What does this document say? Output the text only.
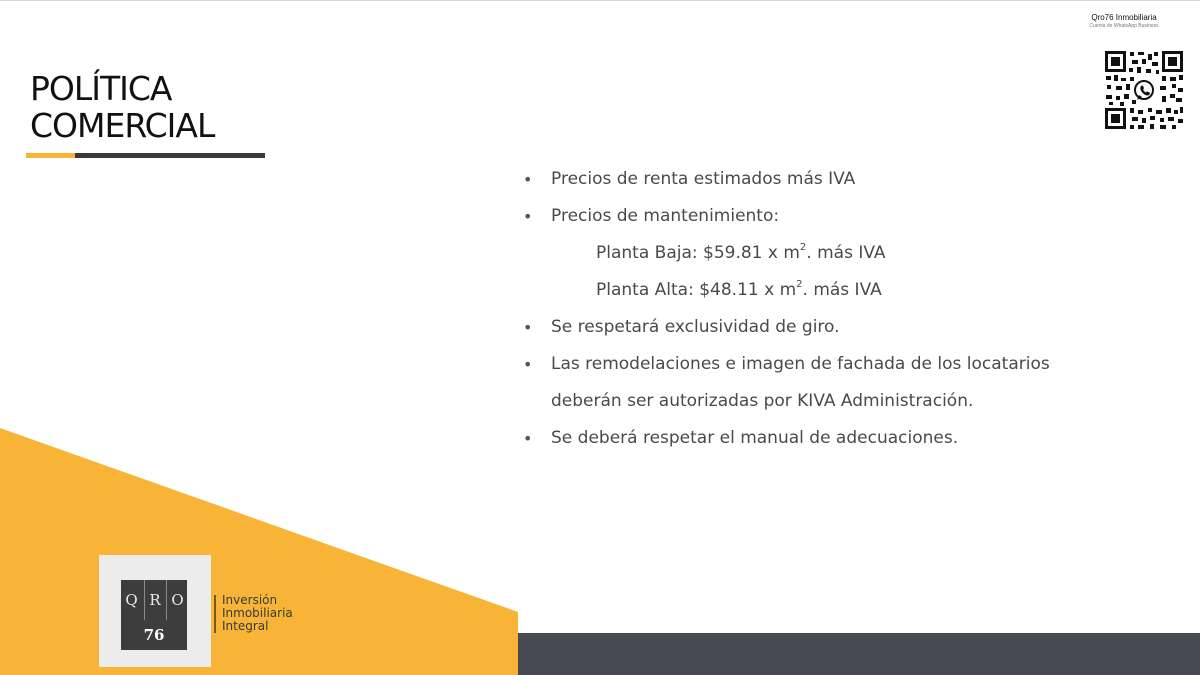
POLÍTICA
COMERCIAL
Qro76 Inmobiliaria
Cuenta de WhatsApp Business
• Precios de renta estimados más IVA
• Precios de mantenimiento:
Planta Baja: $59.81 x $m^2$. más IVA
Planta Alta: $48.11 x $m^2$. más IVA
• Se respetará exclusividad de giro.
• Las remodelaciones e imagen de fachada de los locatarios
deberán ser autorizadas por KIVA Administración.
• Se deberá respetar el manual de adecuaciones.
Q R O
76
Inversión
Inmobiliaria
Integral
